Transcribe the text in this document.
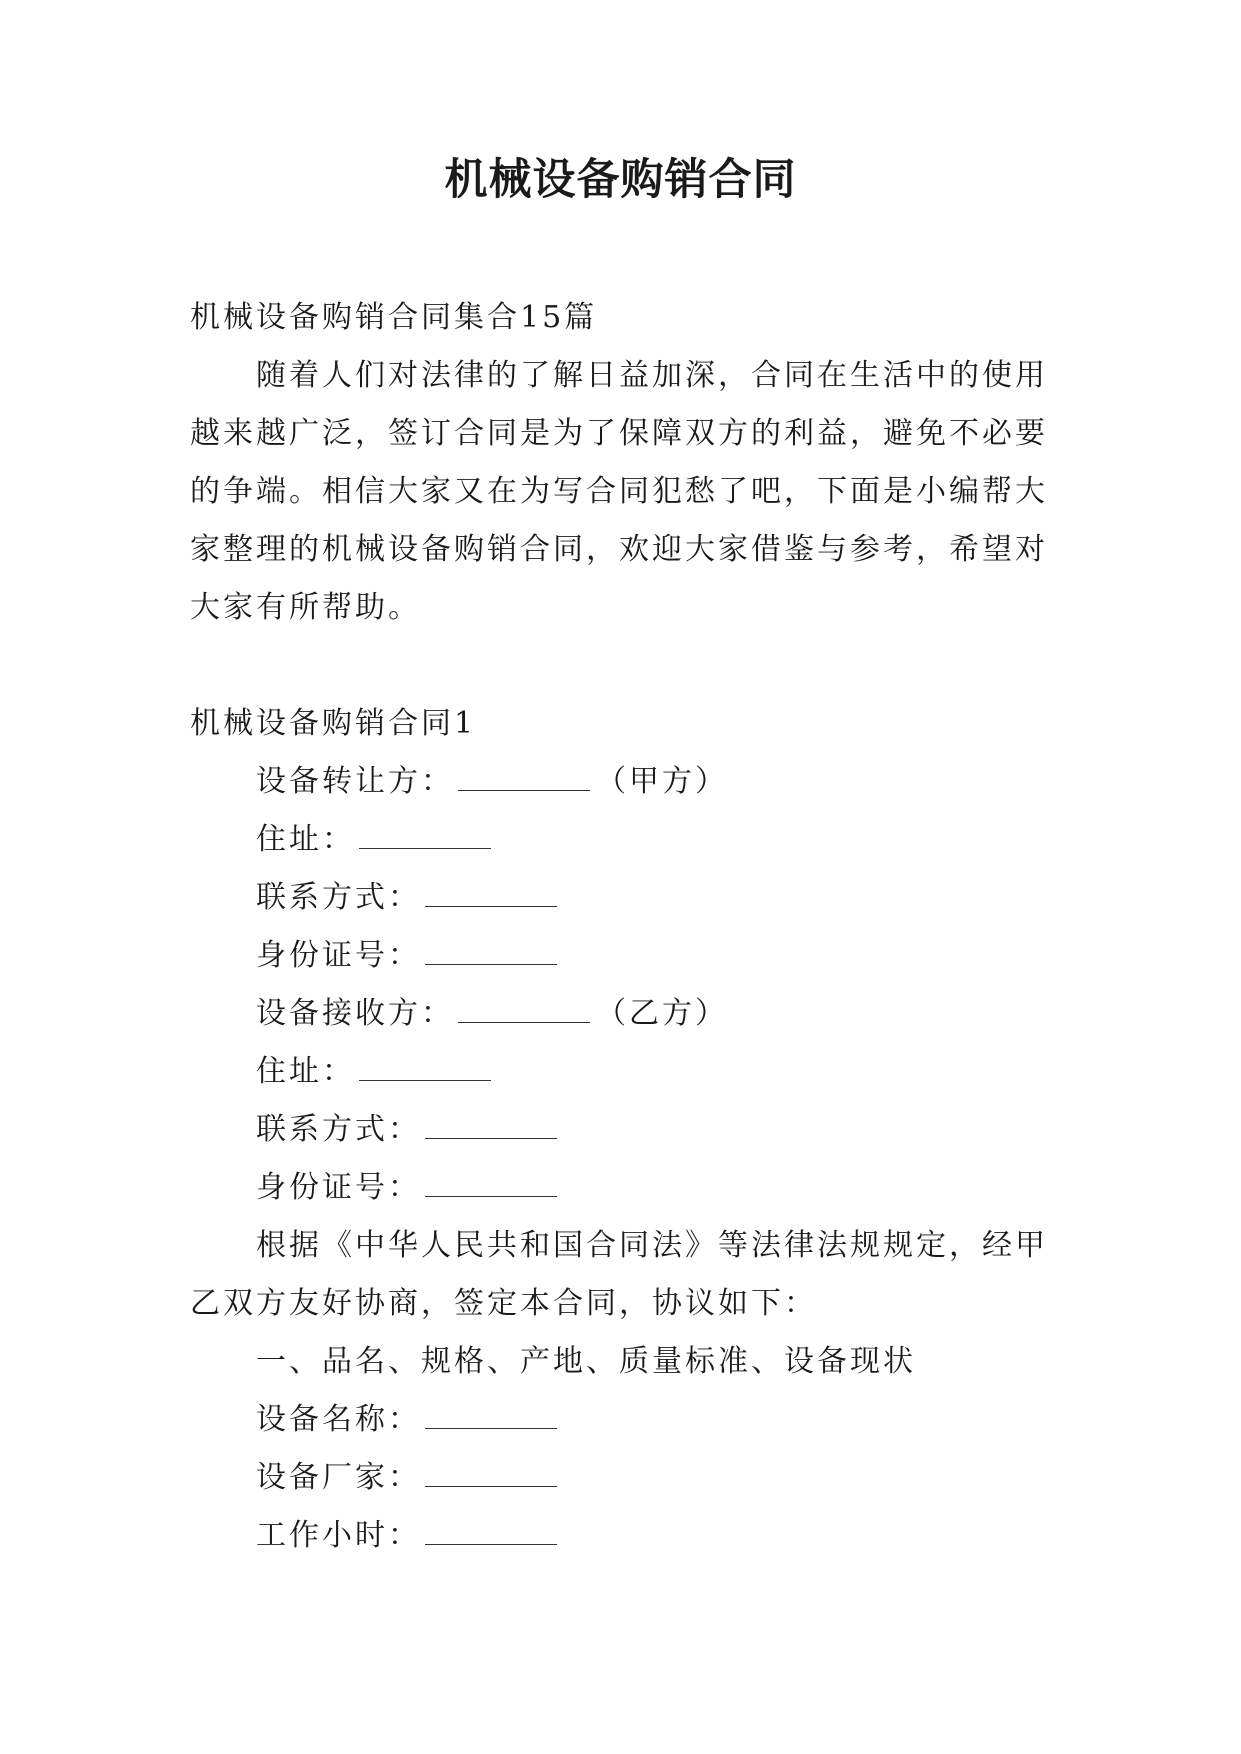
机械设备购销合同

机械设备购销合同集合15篇

随着人们对法律的了解日益加深，合同在生活中的使用越来越广泛，签订合同是为了保障双方的利益，避免不必要的争端。相信大家又在为写合同犯愁了吧，下面是小编帮大家整理的机械设备购销合同，欢迎大家借鉴与参考，希望对大家有所帮助。

机械设备购销合同1

设备转让方：	（甲方）

住址：

联系方式：

身份证号：

设备接收方：	（乙方）

住址：

联系方式：

身份证号：

根据《中华人民共和国合同法》等法律法规规定，经甲乙双方友好协商，签定本合同，协议如下：

一、品名、规格、产地、质量标准、设备现状

设备名称：

设备厂家：

工作小时：
